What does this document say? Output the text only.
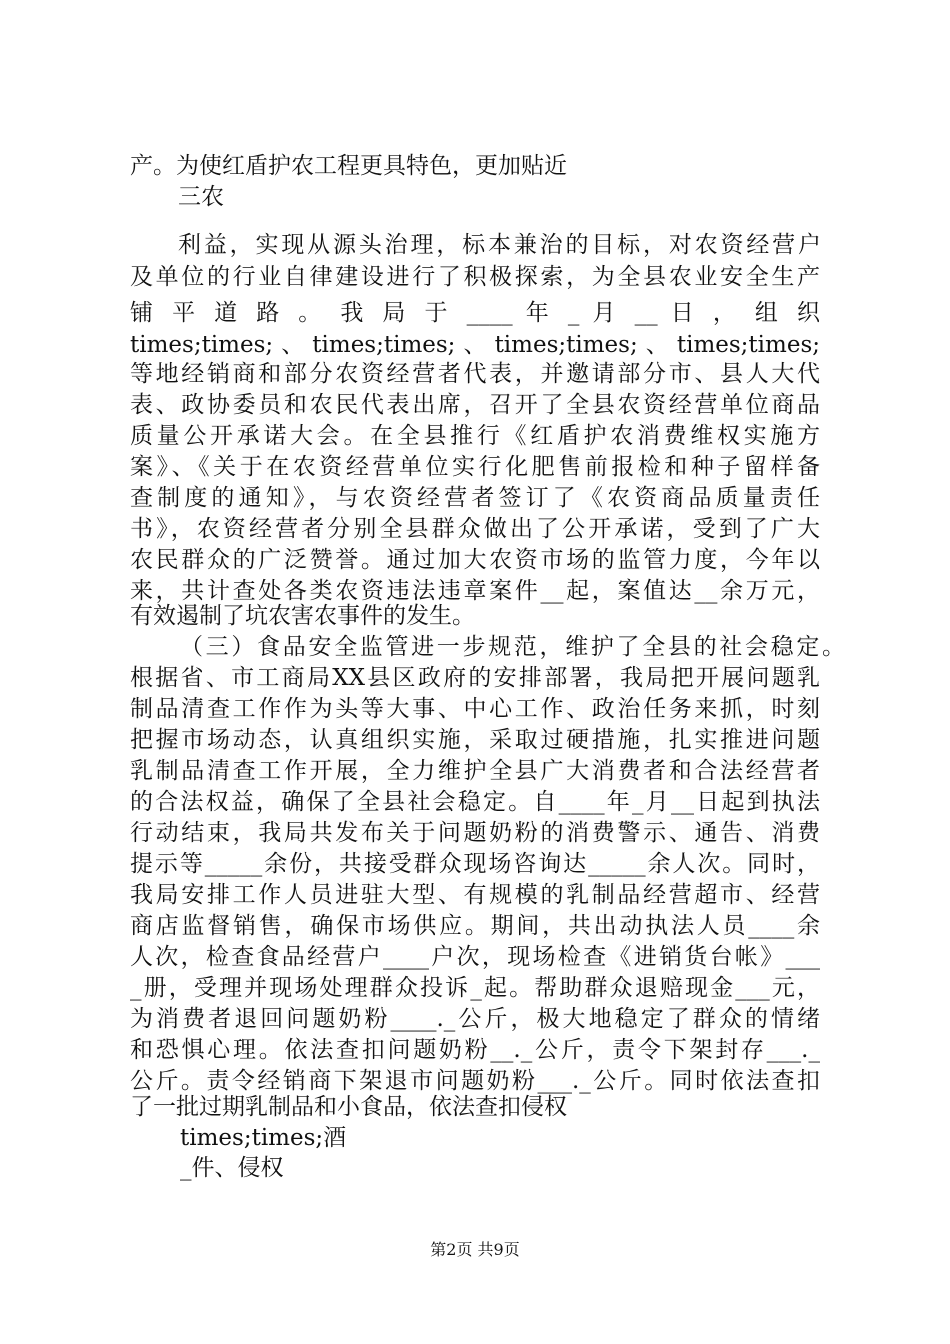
产。为使红盾护农工程更具特色，更加贴近
三农
利益，实现从源头治理，标本兼治的目标，对农资经营户
及单位的行业自律建设进行了积极探索，为全县农业安全生产
铺 平 道 路 。 我 局 于 ____ 年 _ 月 __ 日 ， 组 织
times;times;、times;times;、times;times;、times;times;
等地经销商和部分农资经营者代表，并邀请部分市、县人大代
表、政协委员和农民代表出席，召开了全县农资经营单位商品
质量公开承诺大会。在全县推行《红盾护农消费维权实施方
案》、《关于在农资经营单位实行化肥售前报检和种子留样备
查制度的通知》，与农资经营者签订了《农资商品质量责任
书》，农资经营者分别全县群众做出了公开承诺，受到了广大
农民群众的广泛赞誉。通过加大农资市场的监管力度，今年以
来，共计查处各类农资违法违章案件__起，案值达__余万元，
有效遏制了坑农害农事件的发生。
（三）食品安全监管进一步规范，维护了全县的社会稳定。
根据省、市工商局XX县区政府的安排部署，我局把开展问题乳
制品清查工作作为头等大事、中心工作、政治任务来抓，时刻
把握市场动态，认真组织实施，采取过硬措施，扎实推进问题
乳制品清查工作开展，全力维护全县广大消费者和合法经营者
的合法权益，确保了全县社会稳定。自____年_月__日起到执法
行动结束，我局共发布关于问题奶粉的消费警示、通告、消费
提示等_____余份，共接受群众现场咨询达_____余人次。同时，
我局安排工作人员进驻大型、有规模的乳制品经营超市、经营
商店监督销售，确保市场供应。期间，共出动执法人员____余
人次，检查食品经营户____户次，现场检查《进销货台帐》___
_册，受理并现场处理群众投诉_起。帮助群众退赔现金___元，
为消费者退回问题奶粉____._公斤，极大地稳定了群众的情绪
和恐惧心理。依法查扣问题奶粉__._公斤，责令下架封存___._
公斤。责令经销商下架退市问题奶粉___._公斤。同时依法查扣
了一批过期乳制品和小食品，依法查扣侵权
times;times;酒
_件、侵权
第2页 共9页
